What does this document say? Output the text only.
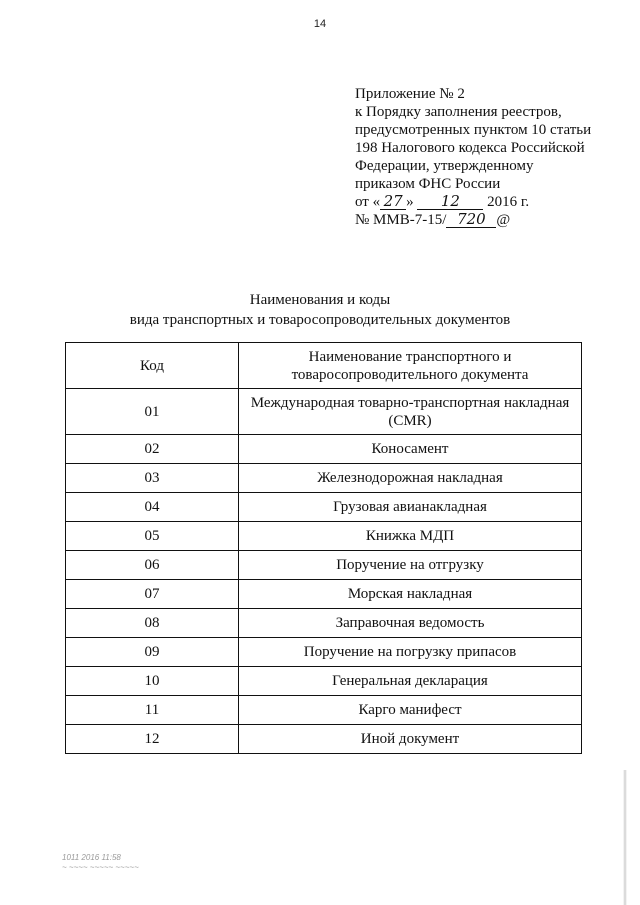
14
Приложение № 2
к Порядку заполнения реестров,
предусмотренных пунктом 10 статьи
198 Налогового кодекса Российской
Федерации, утвержденному
приказом ФНС России
от « 27 » 12 2016 г.
№ ММВ-7-15/ 720 @
Наименования и коды
вида транспортных и товаросопроводительных документов
Код	Наименование транспортного и
товаросопроводительного документа

01	Международная товарно-транспортная накладная
(CMR)

02	Коносамент
03	Железнодорожная накладная
04	Грузовая авианакладная
05	Книжка МДП
06	Поручение на отгрузку
07	Морская накладная
08	Заправочная ведомость
09	Поручение на погрузку припасов
10	Генеральная декларация
11	Карго манифест
12	Иной документ
1​0​1​1 2​0​1​6 1​1​:​5​8
~ ~~~~ ~~~~~ ~~~~~
